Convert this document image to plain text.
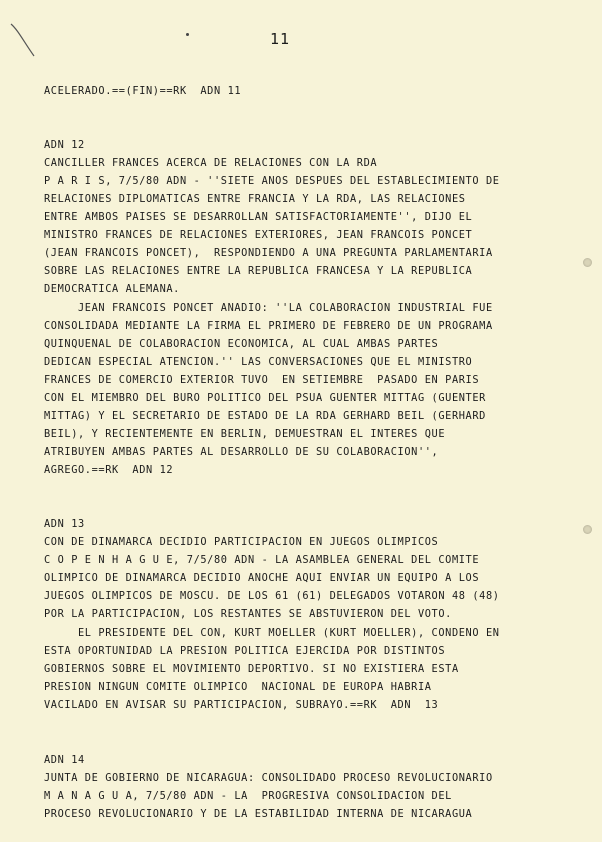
11
ACELERADO.==(FIN)==RK  ADN 11
ADN 12
CANCILLER FRANCES ACERCA DE RELACIONES CON LA RDA
P A R I S, 7/5/80 ADN - ''SIETE ANOS DESPUES DEL ESTABLECIMIENTO DE
RELACIONES DIPLOMATICAS ENTRE FRANCIA Y LA RDA, LAS RELACIONES
ENTRE AMBOS PAISES SE DESARROLLAN SATISFACTORIAMENTE'', DIJO EL
MINISTRO FRANCES DE RELACIONES EXTERIORES, JEAN FRANCOIS PONCET
(JEAN FRANCOIS PONCET),  RESPONDIENDO A UNA PREGUNTA PARLAMENTARIA
SOBRE LAS RELACIONES ENTRE LA REPUBLICA FRANCESA Y LA REPUBLICA
DEMOCRATICA ALEMANA.
JEAN FRANCOIS PONCET ANADIO: ''LA COLABORACION INDUSTRIAL FUE
CONSOLIDADA MEDIANTE LA FIRMA EL PRIMERO DE FEBRERO DE UN PROGRAMA
QUINQUENAL DE COLABORACION ECONOMICA, AL CUAL AMBAS PARTES
DEDICAN ESPECIAL ATENCION.'' LAS CONVERSACIONES QUE EL MINISTRO
FRANCES DE COMERCIO EXTERIOR TUVO  EN SETIEMBRE  PASADO EN PARIS
CON EL MIEMBRO DEL BURO POLITICO DEL PSUA GUENTER MITTAG (GUENTER
MITTAG) Y EL SECRETARIO DE ESTADO DE LA RDA GERHARD BEIL (GERHARD
BEIL), Y RECIENTEMENTE EN BERLIN, DEMUESTRAN EL INTERES QUE
ATRIBUYEN AMBAS PARTES AL DESARROLLO DE SU COLABORACION'',
AGREGO.==RK  ADN 12
ADN 13
CON DE DINAMARCA DECIDIO PARTICIPACION EN JUEGOS OLIMPICOS
C O P E N H A G U E, 7/5/80 ADN - LA ASAMBLEA GENERAL DEL COMITE
OLIMPICO DE DINAMARCA DECIDIO ANOCHE AQUI ENVIAR UN EQUIPO A LOS
JUEGOS OLIMPICOS DE MOSCU. DE LOS 61 (61) DELEGADOS VOTARON 48 (48)
POR LA PARTICIPACION, LOS RESTANTES SE ABSTUVIERON DEL VOTO.
EL PRESIDENTE DEL CON, KURT MOELLER (KURT MOELLER), CONDENO EN
ESTA OPORTUNIDAD LA PRESION POLITICA EJERCIDA POR DISTINTOS
GOBIERNOS SOBRE EL MOVIMIENTO DEPORTIVO. SI NO EXISTIERA ESTA
PRESION NINGUN COMITE OLIMPICO  NACIONAL DE EUROPA HABRIA
VACILADO EN AVISAR SU PARTICIPACION, SUBRAYO.==RK  ADN  13
ADN 14
JUNTA DE GOBIERNO DE NICARAGUA: CONSOLIDADO PROCESO REVOLUCIONARIO
M A N A G U A, 7/5/80 ADN - LA  PROGRESIVA CONSOLIDACION DEL
PROCESO REVOLUCIONARIO Y DE LA ESTABILIDAD INTERNA DE NICARAGUA
